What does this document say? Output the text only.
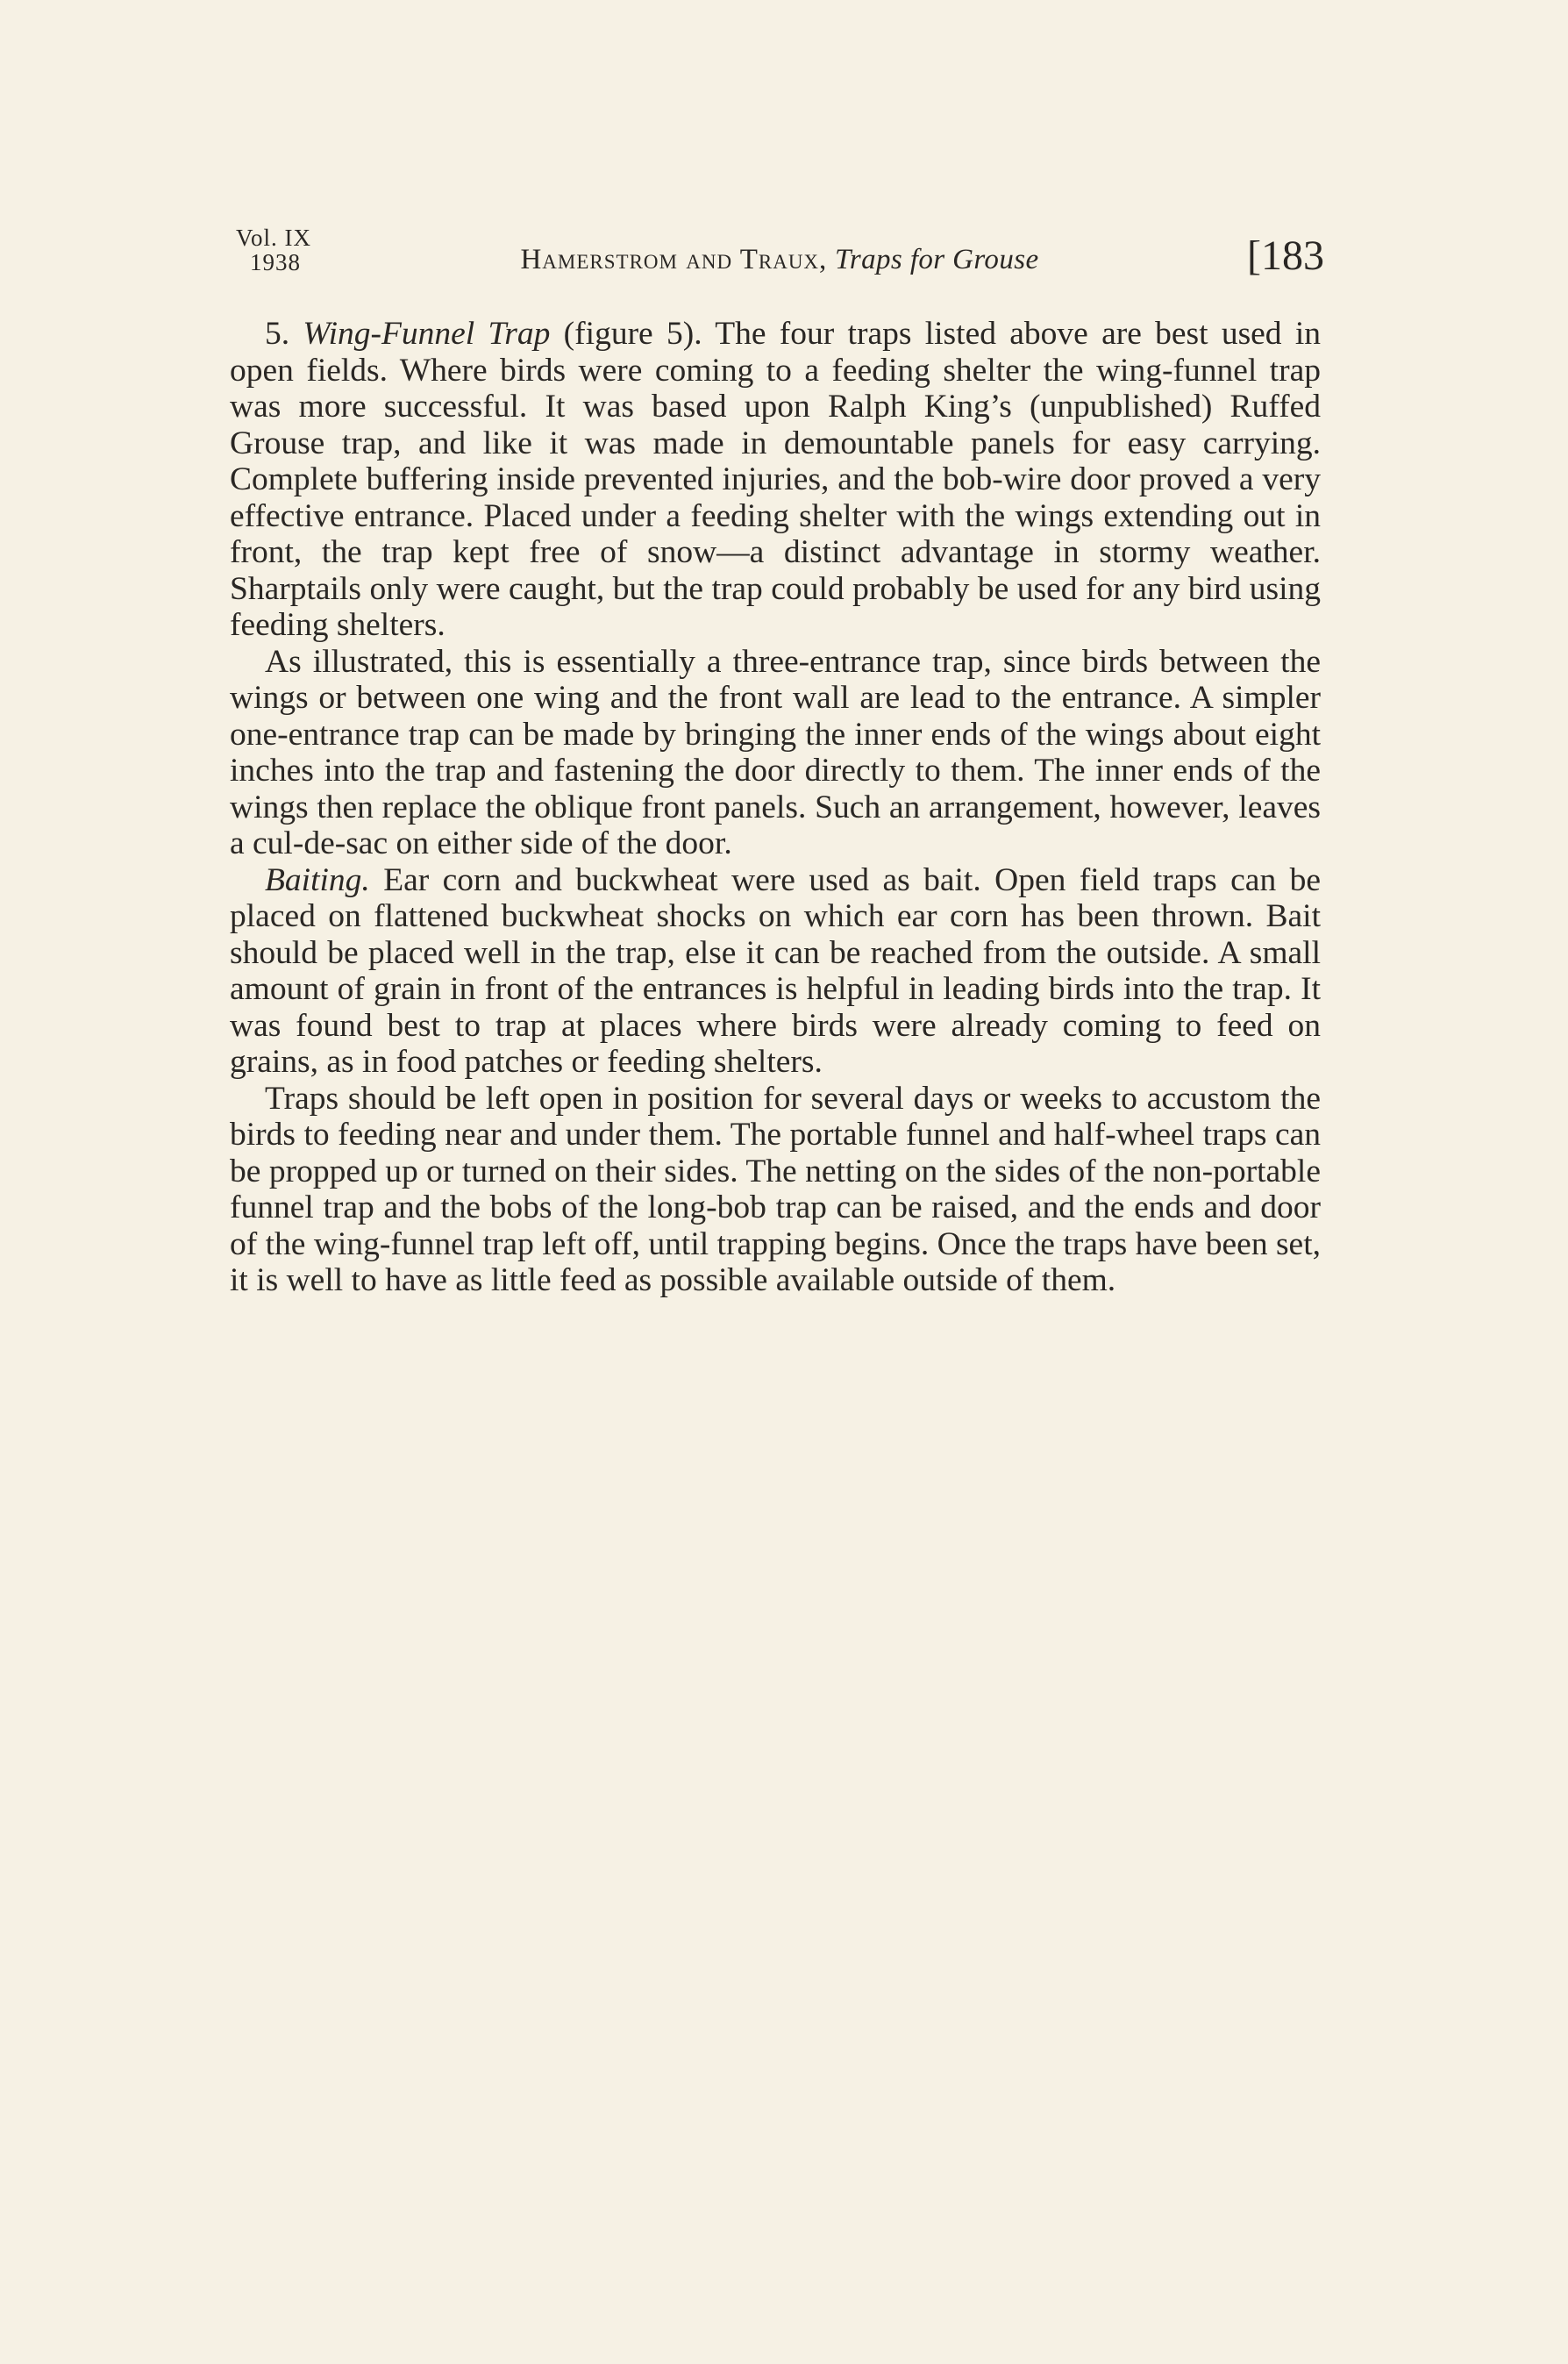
Vol. IX
1938	Hamerstrom and Traux, Traps for Grouse	[183

5. Wing-Funnel Trap (figure 5). The four traps listed above are best used in open fields. Where birds were coming to a feeding shelter the wing-funnel trap was more successful. It was based upon Ralph King’s (unpublished) Ruffed Grouse trap, and like it was made in demountable panels for easy carrying. Complete buffering inside prevented injuries, and the bob-wire door proved a very effective entrance. Placed under a feeding shelter with the wings extending out in front, the trap kept free of snow—a distinct advantage in stormy weather. Sharptails only were caught, but the trap could probably be used for any bird using feeding shelters.

As illustrated, this is essentially a three-entrance trap, since birds between the wings or between one wing and the front wall are lead to the entrance. A simpler one-entrance trap can be made by bringing the inner ends of the wings about eight inches into the trap and fastening the door directly to them. The inner ends of the wings then replace the oblique front panels. Such an arrangement, however, leaves a cul-de-sac on either side of the door.

Baiting. Ear corn and buckwheat were used as bait. Open field traps can be placed on flattened buckwheat shocks on which ear corn has been thrown. Bait should be placed well in the trap, else it can be reached from the outside. A small amount of grain in front of the entrances is helpful in leading birds into the trap. It was found best to trap at places where birds were already coming to feed on grains, as in food patches or feeding shelters.

Traps should be left open in position for several days or weeks to accustom the birds to feeding near and under them. The portable funnel and half-wheel traps can be propped up or turned on their sides. The netting on the sides of the non-portable funnel trap and the bobs of the long-bob trap can be raised, and the ends and door of the wing-funnel trap left off, until trapping begins. Once the traps have been set, it is well to have as little feed as possible available outside of them.
